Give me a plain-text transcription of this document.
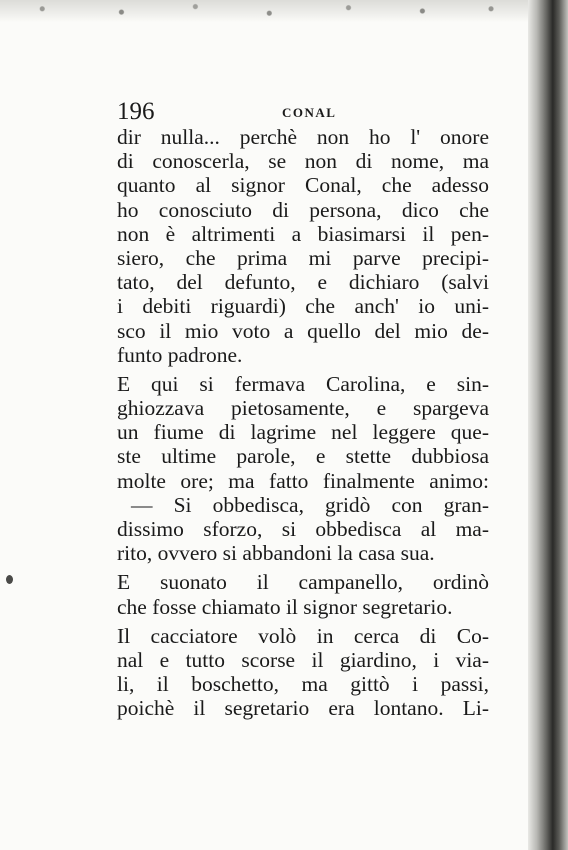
196	CONAL
dir nulla... perchè non ho l' onore
di conoscerla, se non di nome, ma
quanto al signor Conal, che adesso
ho conosciuto di persona, dico che
non è altrimenti a biasimarsi il pen-
siero, che prima mi parve precipi-
tato, del defunto, e dichiaro (salvi
i debiti riguardi) che anch' io uni-
sco il mio voto a quello del mio de-
funto padrone.
E qui si fermava Carolina, e sin-
ghiozzava pietosamente, e spargeva
un fiume di lagrime nel leggere que-
ste ultime parole, e stette dubbiosa
molte ore; ma fatto finalmente animo:
— Si obbedisca, gridò con gran-
dissimo sforzo, si obbedisca al ma-
rito, ovvero si abbandoni la casa sua.
E suonato il campanello, ordinò
che fosse chiamato il signor segretario.
Il cacciatore volò in cerca di Co-
nal e tutto scorse il giardino, i via-
li, il boschetto, ma gittò i passi,
poichè il segretario era lontano. Li-
